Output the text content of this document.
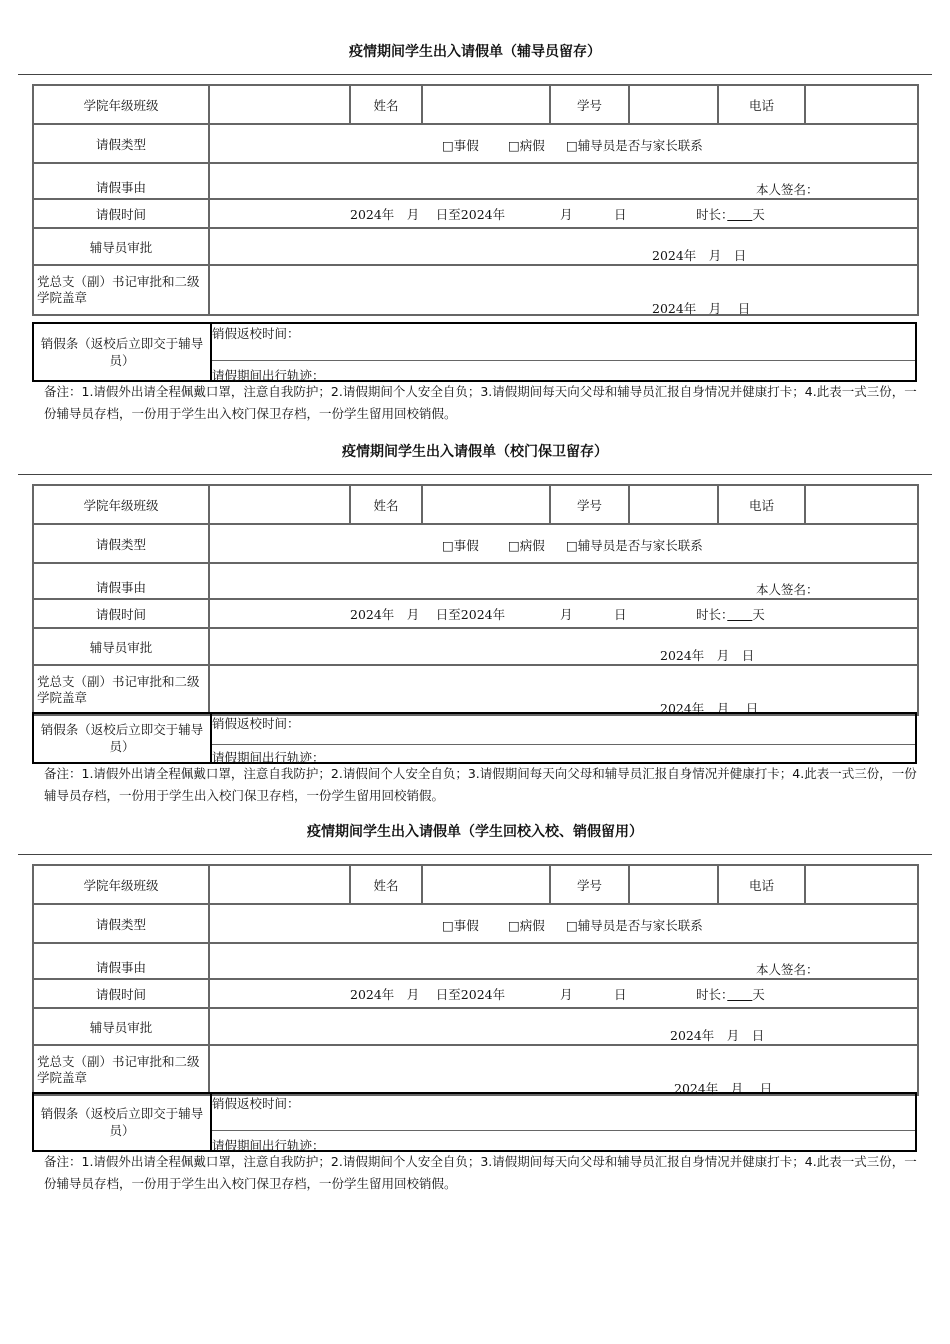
疫情期间学生出入请假单（辅导员留存）
学院年级班级		姓名		学号		电话	
请假类型	□事假 □病假 □辅导员是否与家长联系						

请假事由	本人签名：						

请假时间	2024年　月　 日至2024年 月 日 时长：　　 天						

辅导员审批	2024年　月　日						

党总支（副）书记审批和二级学院盖章	2024年　月　 日						
销假条（返校后立即交于辅导员）
销假返校时间：
请假期间出行轨迹：
备注：1.请假外出请全程佩戴口罩，注意自我防护；2.请假期间个人安全自负；3.请假期间每天向父母和辅导员汇报自身情况并健康打卡；4.此表一式三份，一份辅导员存档，一份用于学生出入校门保卫存档，一份学生留用回校销假。
疫情期间学生出入请假单（校门保卫留存）
学院年级班级		姓名		学号		电话	
请假类型	□事假 □病假 □辅导员是否与家长联系						

请假事由	本人签名：						

请假时间	2024年　月　 日至2024年 月 日 时长：　　 天						

辅导员审批	2024年　月　日						

党总支（副）书记审批和二级学院盖章	2024年　月　 日						
销假条（返校后立即交于辅导员）
销假返校时间：
请假期间出行轨迹：
备注：1.请假外出请全程佩戴口罩，注意自我防护；2.请假间个人安全自负；3.请假期间每天向父母和辅导员汇报自身情况并健康打卡；4.此表一式三份，一份辅导员存档，一份用于学生出入校门保卫存档，一份学生留用回校销假。
疫情期间学生出入请假单（学生回校入校、销假留用）
学院年级班级		姓名		学号		电话	
请假类型	□事假 □病假 □辅导员是否与家长联系						

请假事由	本人签名：						

请假时间	2024年　月　 日至2024年 月 日 时长：　　 天						

辅导员审批	2024年　月　日						

党总支（副）书记审批和二级学院盖章	2024年　月　 日						
销假条（返校后立即交于辅导员）
销假返校时间：
请假期间出行轨迹：
备注：1.请假外出请全程佩戴口罩，注意自我防护；2.请假期间个人安全自负；3.请假期间每天向父母和辅导员汇报自身情况并健康打卡；4.此表一式三份，一份辅导员存档，一份用于学生出入校门保卫存档，一份学生留用回校销假。
